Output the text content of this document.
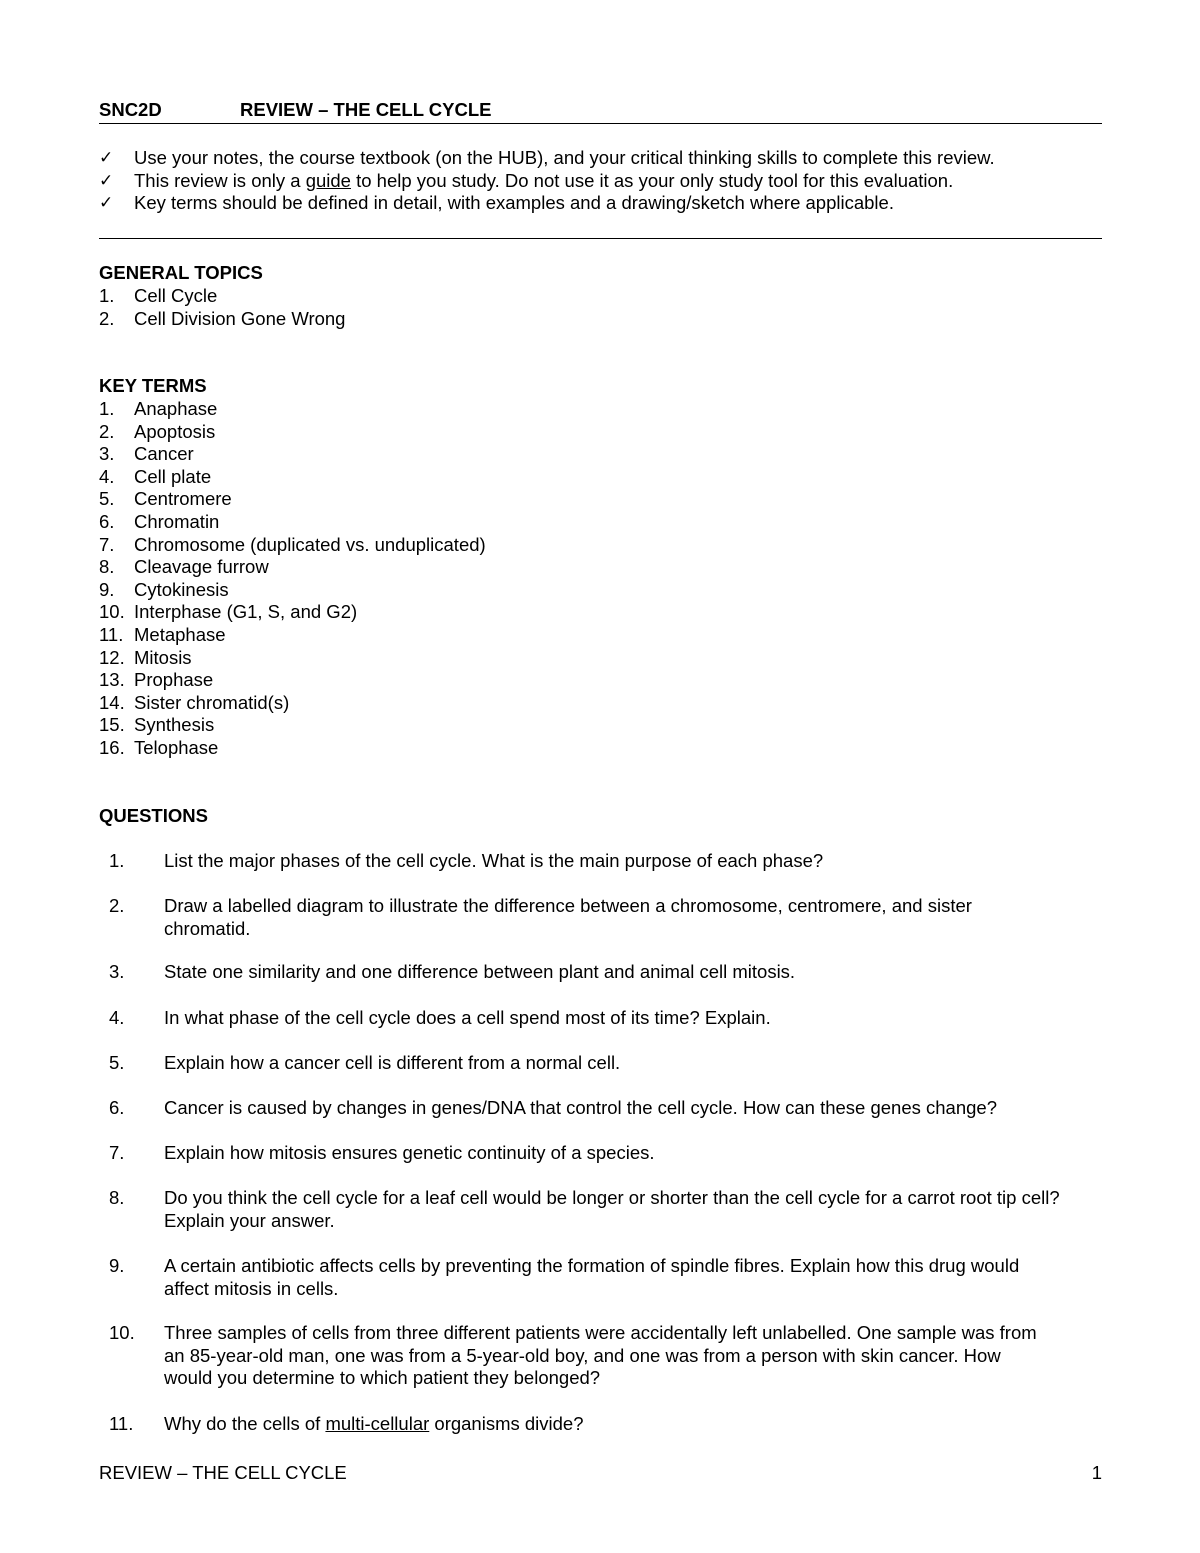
SNC2D	REVIEW – THE CELL CYCLE
✓ Use your notes, the course textbook (on the HUB), and your critical thinking skills to complete this review.
✓ This review is only a guide to help you study. Do not use it as your only study tool for this evaluation.
✓ Key terms should be defined in detail, with examples and a drawing/sketch where applicable.
GENERAL TOPICS
1. Cell Cycle
2. Cell Division Gone Wrong
KEY TERMS
1. Anaphase
2. Apoptosis
3. Cancer
4. Cell plate
5. Centromere
6. Chromatin
7. Chromosome (duplicated vs. unduplicated)
8. Cleavage furrow
9. Cytokinesis
10. Interphase (G1, S, and G2)
11. Metaphase
12. Mitosis
13. Prophase
14. Sister chromatid(s)
15. Synthesis
16. Telophase
QUESTIONS
1. List the major phases of the cell cycle. What is the main purpose of each phase?
2. Draw a labelled diagram to illustrate the difference between a chromosome, centromere, and sister
chromatid.
3. State one similarity and one difference between plant and animal cell mitosis.
4. In what phase of the cell cycle does a cell spend most of its time? Explain.
5. Explain how a cancer cell is different from a normal cell.
6. Cancer is caused by changes in genes/DNA that control the cell cycle. How can these genes change?
7. Explain how mitosis ensures genetic continuity of a species.
8. Do you think the cell cycle for a leaf cell would be longer or shorter than the cell cycle for a carrot root tip cell?
Explain your answer.
9. A certain antibiotic affects cells by preventing the formation of spindle fibres. Explain how this drug would
affect mitosis in cells.
10. Three samples of cells from three different patients were accidentally left unlabelled. One sample was from
an 85-year-old man, one was from a 5-year-old boy, and one was from a person with skin cancer. How
would you determine to which patient they belonged?
11. Why do the cells of multi-cellular organisms divide?
REVIEW – THE CELL CYCLE	1
